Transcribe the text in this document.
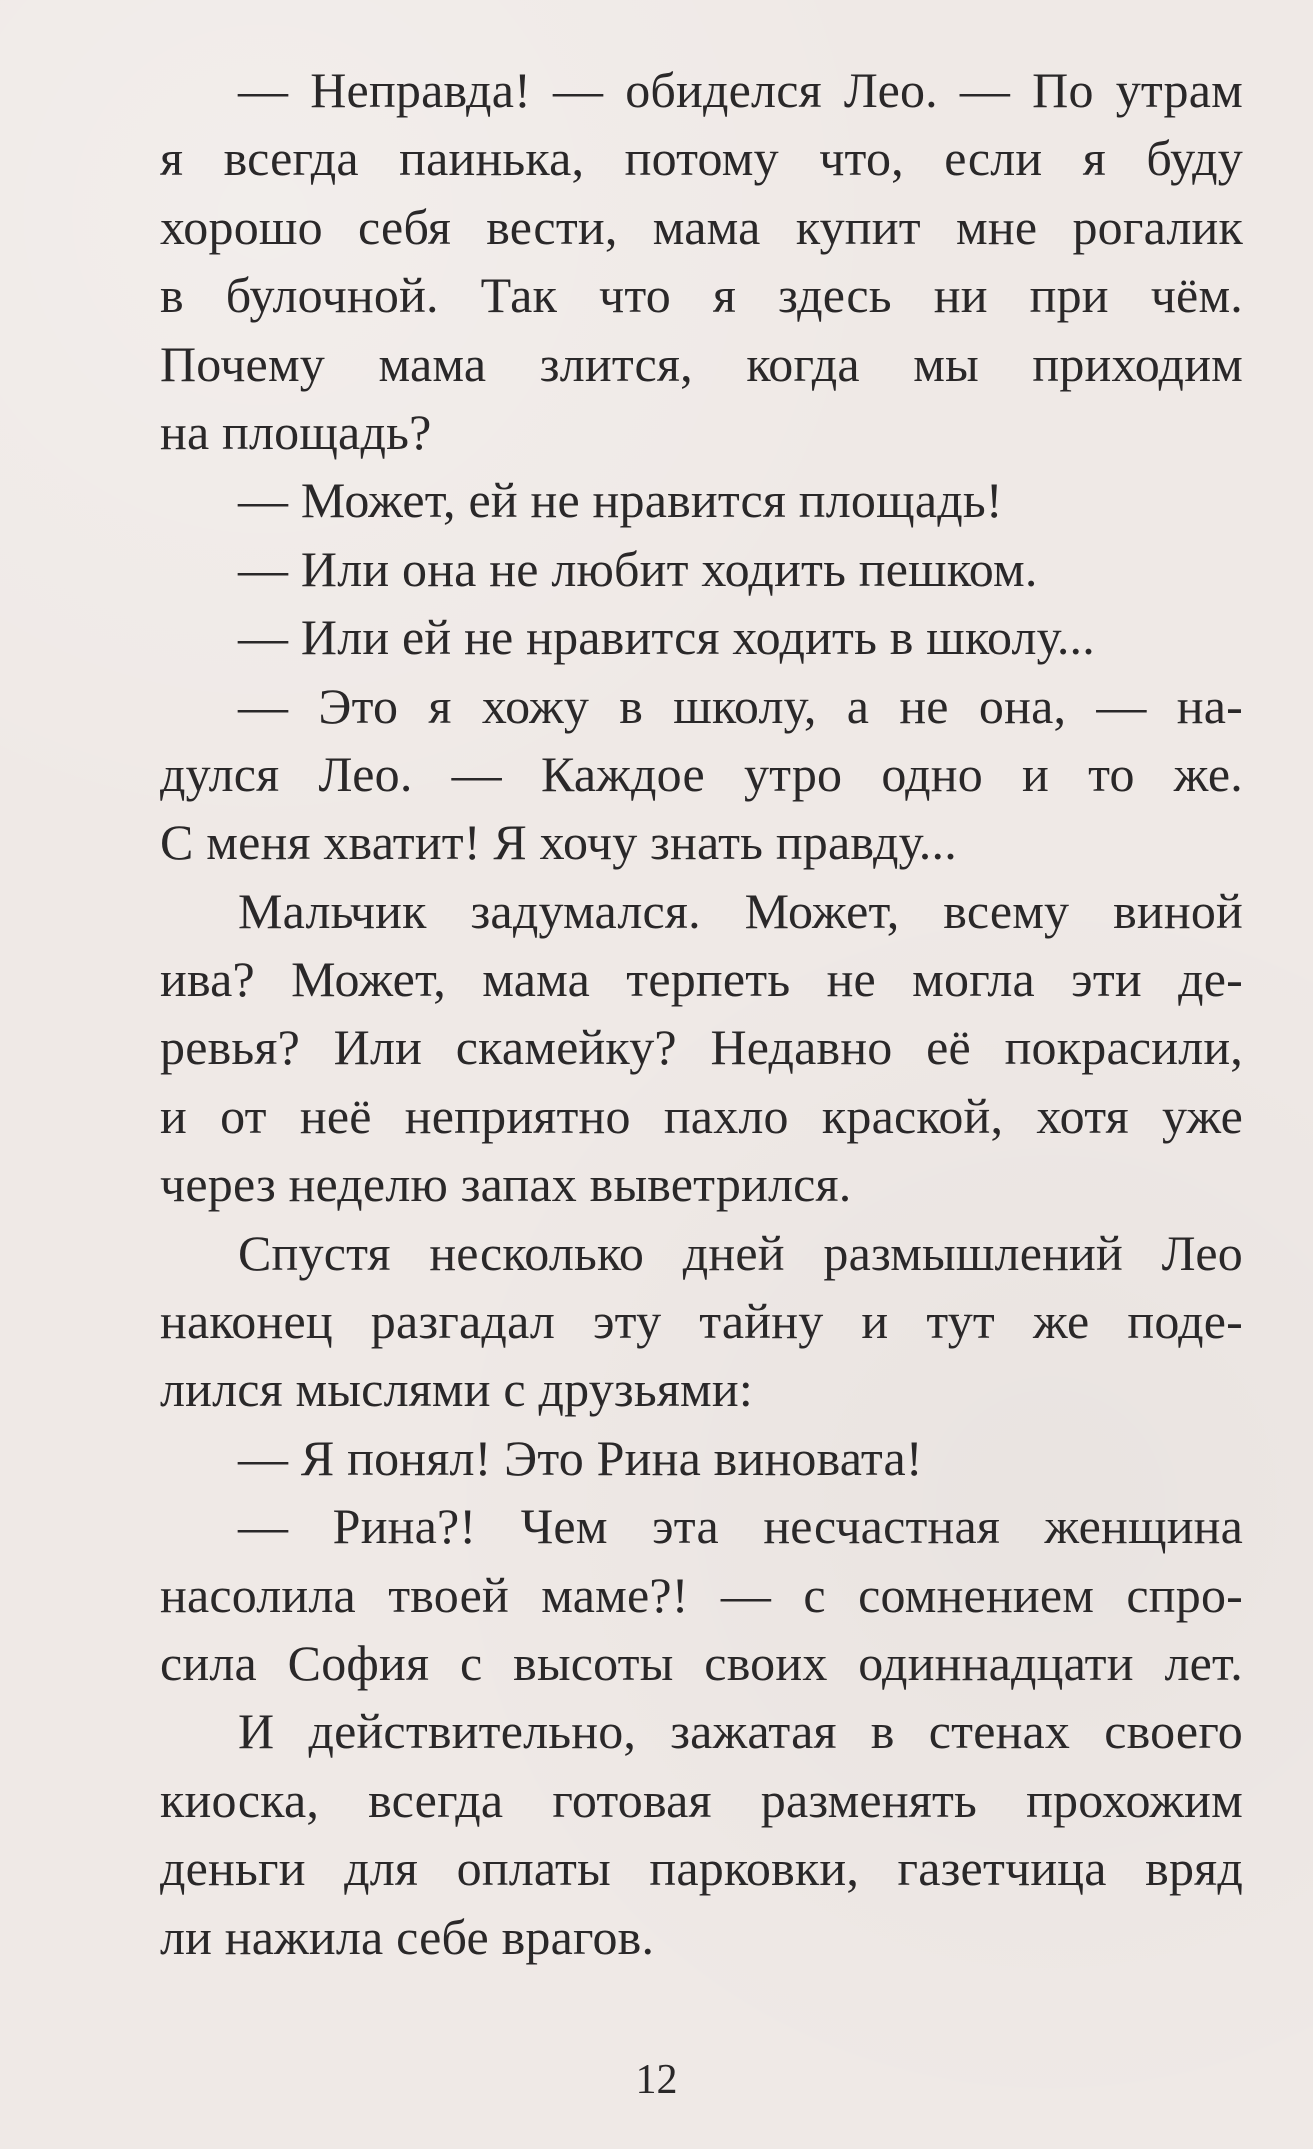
— Неправда! — обиделся Лео. — По утрам
я всегда паинька, потому что, если я буду
хорошо себя вести, мама купит мне рогалик
в булочной. Так что я здесь ни при чём.
Почему мама злится, когда мы приходим
на площадь?
— Может, ей не нравится площадь!
— Или она не любит ходить пешком.
— Или ей не нравится ходить в школу...
— Это я хожу в школу, а не она, — на-
дулся Лео. — Каждое утро одно и то же.
С меня хватит! Я хочу знать правду...
Мальчик задумался. Может, всему виной
ива? Может, мама терпеть не могла эти де-
ревья? Или скамейку? Недавно её покрасили,
и от неё неприятно пахло краской, хотя уже
через неделю запах выветрился.
Спустя несколько дней размышлений Лео
наконец разгадал эту тайну и тут же поде-
лился мыслями с друзьями:
— Я понял! Это Рина виновата!
— Рина?! Чем эта несчастная женщина
насолила твоей маме?! — с сомнением спро-
сила София с высоты своих одиннадцати лет.
И действительно, зажатая в стенах своего
киоска, всегда готовая разменять прохожим
деньги для оплаты парковки, газетчица вряд
ли нажила себе врагов.
12
